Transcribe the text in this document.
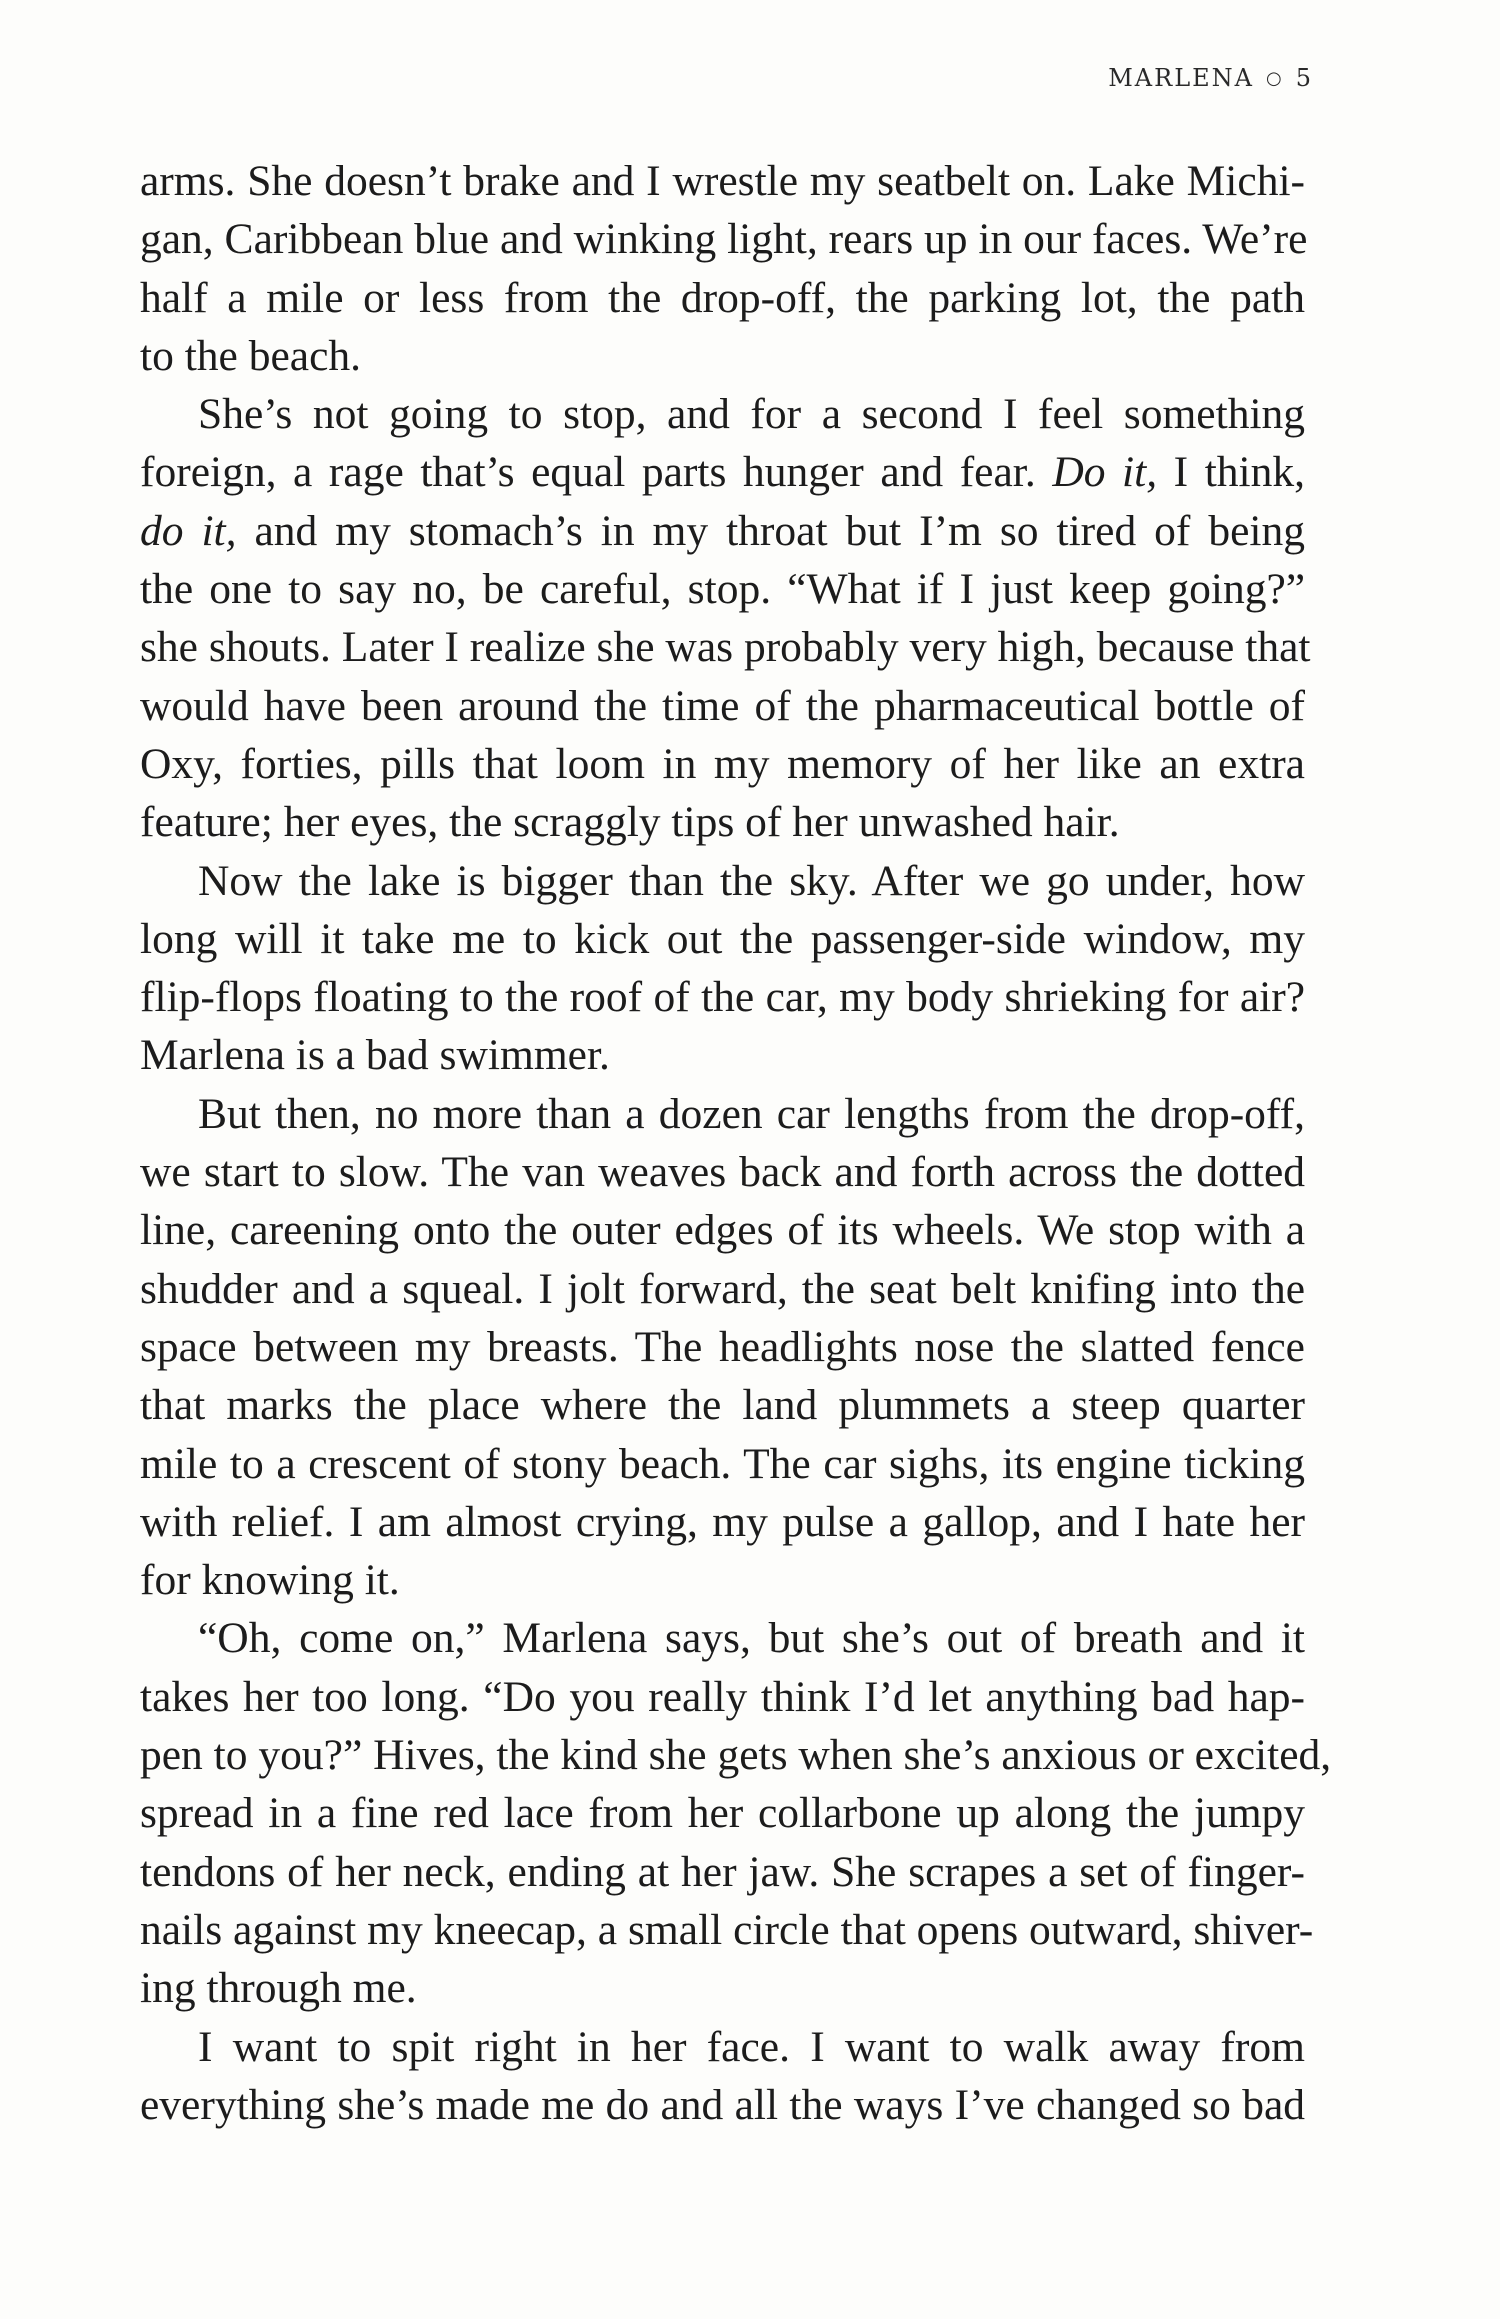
MARLENA ○ 5
arms. She doesn’t brake and I wrestle my seatbelt on. Lake Michi-
gan, Caribbean blue and winking light, rears up in our faces. We’re
half a mile or less from the drop-off, the parking lot, the path
to the beach.
She’s not going to stop, and for a second I feel something
foreign, a rage that’s equal parts hunger and fear. Do it, I think,
do it, and my stomach’s in my throat but I’m so tired of being
the one to say no, be careful, stop. “What if I just keep going?”
she shouts. Later I realize she was probably very high, because that
would have been around the time of the pharmaceutical bottle of
Oxy, forties, pills that loom in my memory of her like an extra
feature; her eyes, the scraggly tips of her unwashed hair.
Now the lake is bigger than the sky. After we go under, how
long will it take me to kick out the passenger-side window, my
flip-flops floating to the roof of the car, my body shrieking for air?
Marlena is a bad swimmer.
But then, no more than a dozen car lengths from the drop-off,
we start to slow. The van weaves back and forth across the dotted
line, careening onto the outer edges of its wheels. We stop with a
shudder and a squeal. I jolt forward, the seat belt knifing into the
space between my breasts. The headlights nose the slatted fence
that marks the place where the land plummets a steep quarter
mile to a crescent of stony beach. The car sighs, its engine ticking
with relief. I am almost crying, my pulse a gallop, and I hate her
for knowing it.
“Oh, come on,” Marlena says, but she’s out of breath and it
takes her too long. “Do you really think I’d let anything bad hap-
pen to you?” Hives, the kind she gets when she’s anxious or excited,
spread in a fine red lace from her collarbone up along the jumpy
tendons of her neck, ending at her jaw. She scrapes a set of finger-
nails against my kneecap, a small circle that opens outward, shiver-
ing through me.
I want to spit right in her face. I want to walk away from
everything she’s made me do and all the ways I’ve changed so bad
